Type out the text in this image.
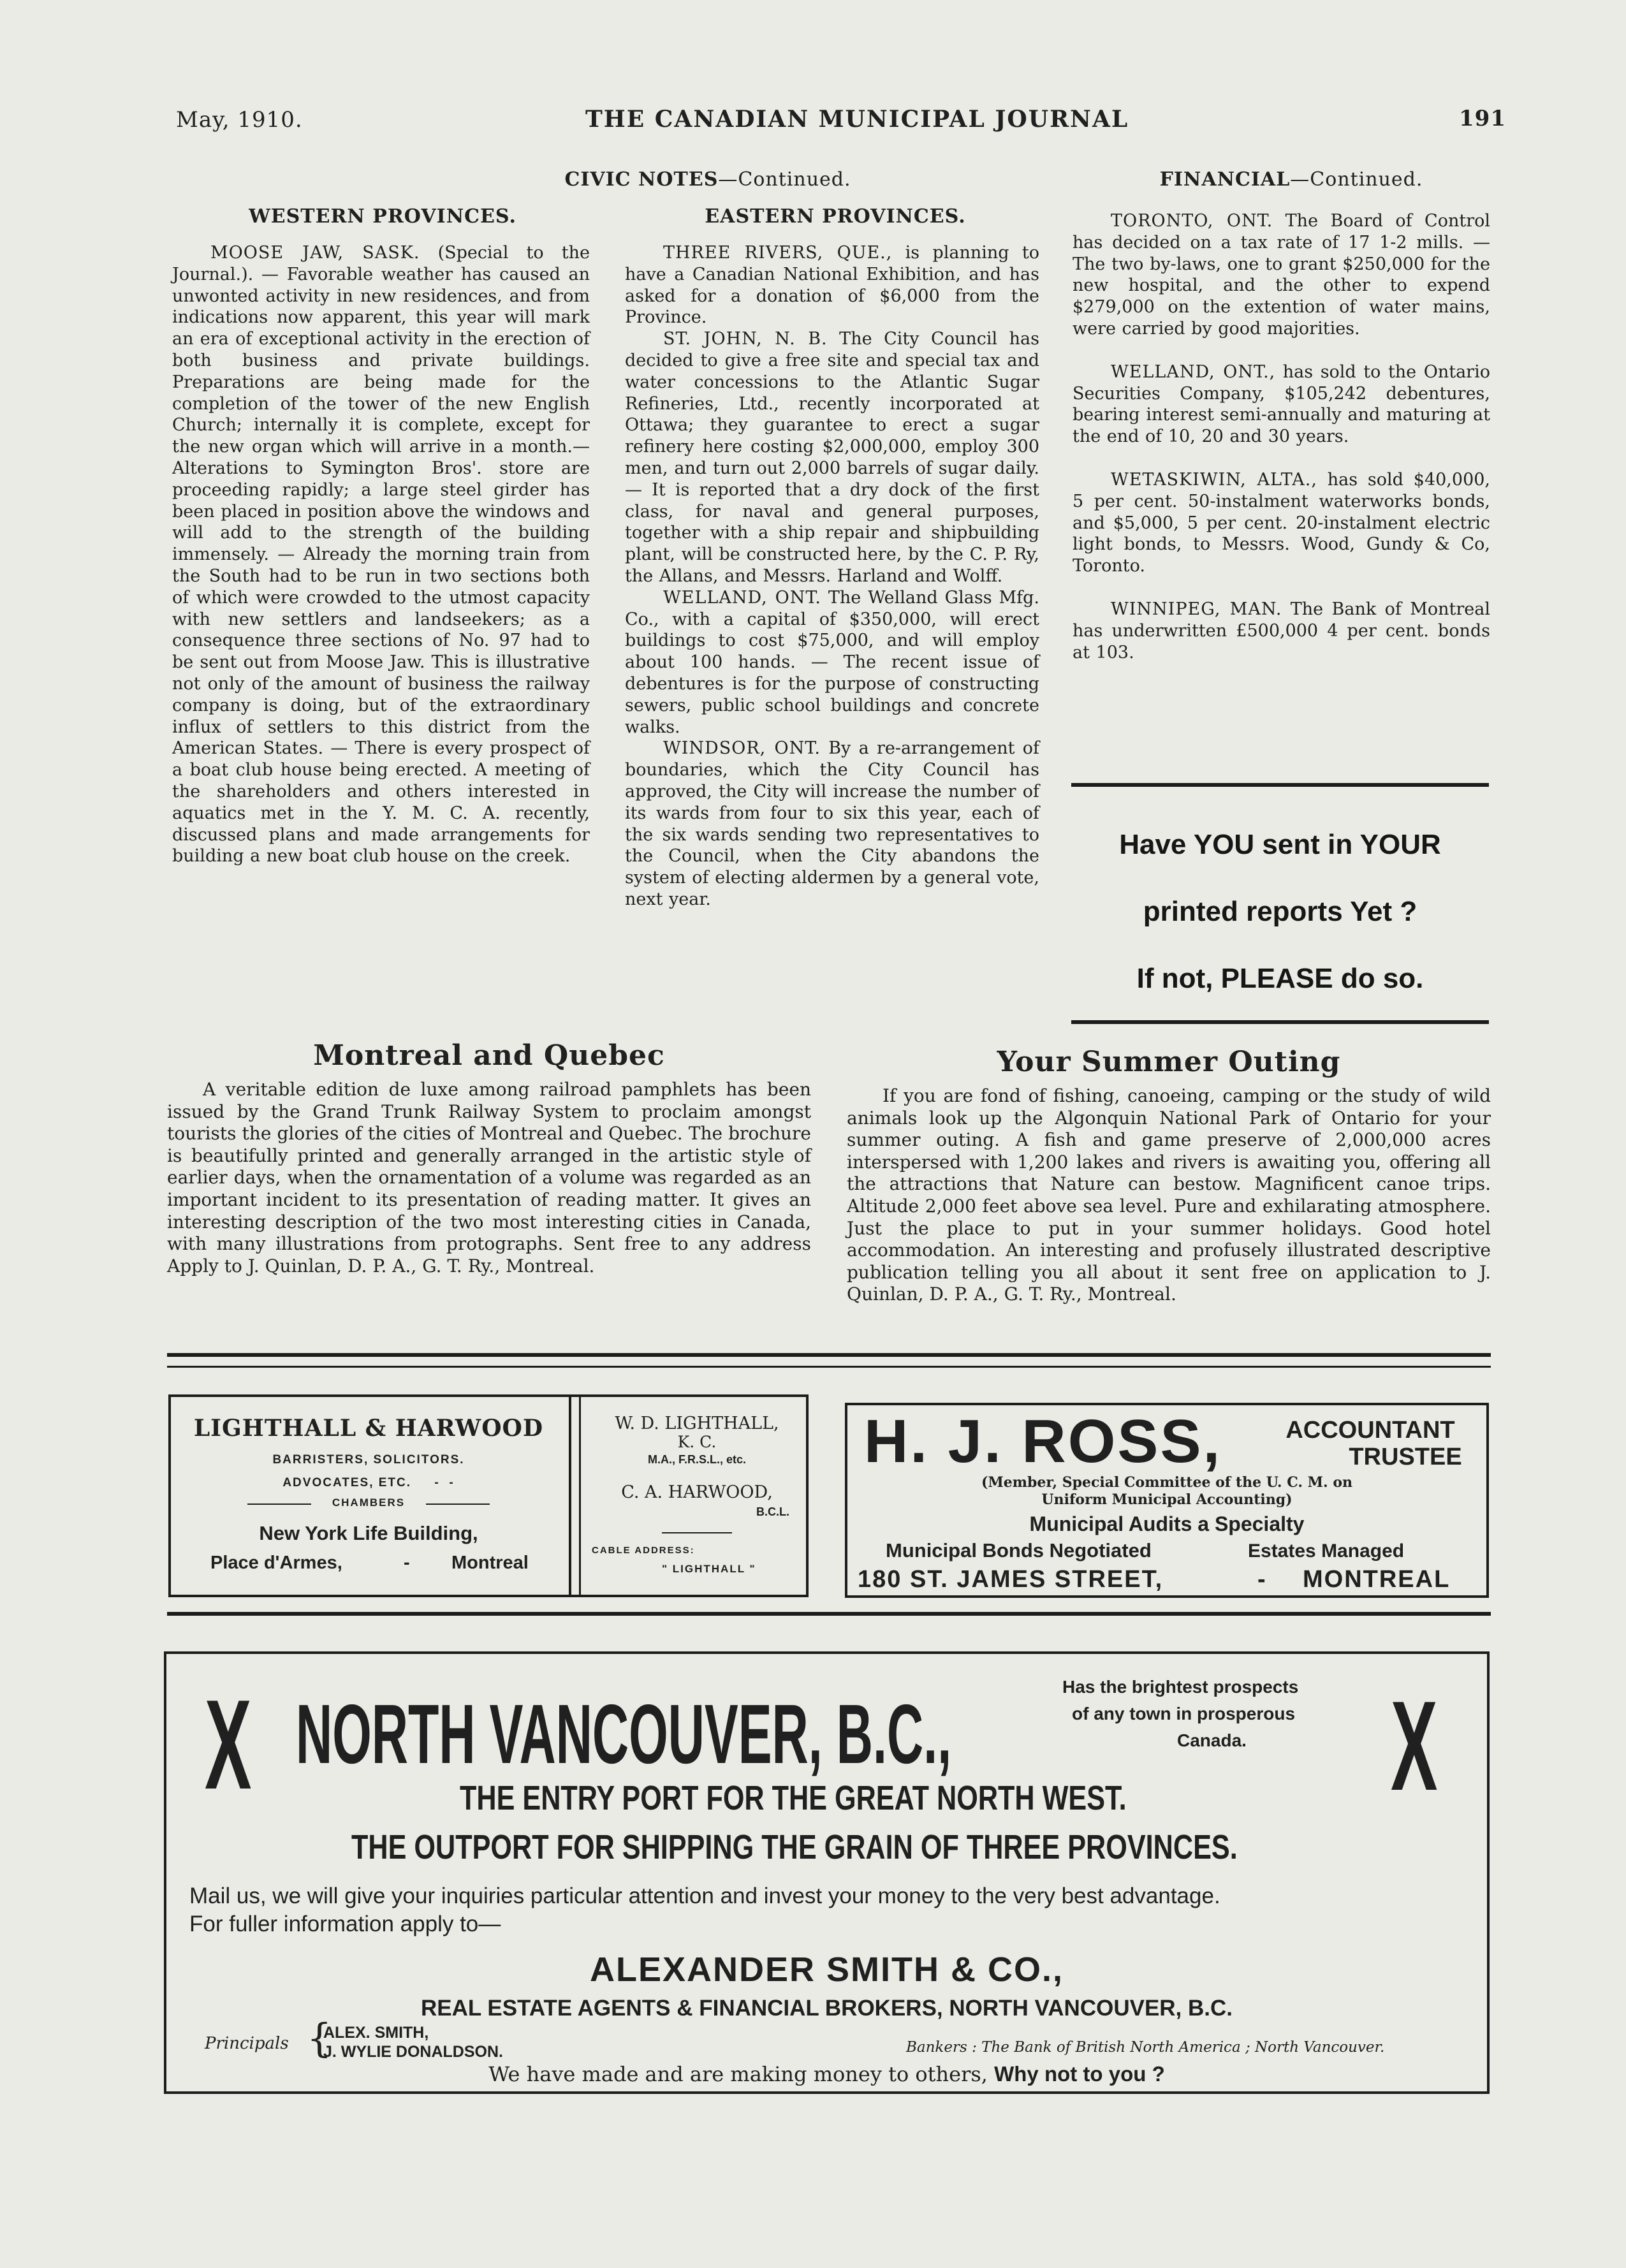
May, 1910.	THE CANADIAN MUNICIPAL JOURNAL	191
CIVIC NOTES—Continued.	FINANCIAL—Continued.
WESTERN PROVINCES.	EASTERN PROVINCES.

MOOSE JAW, SASK. (Special to the Journal.). — Favorable weather has caused an unwonted activity in new residences, and from indications now apparent, this year will mark an era of exceptional activity in the erection of both business and private buildings. Preparations are being made for the completion of the tower of the new English Church; internally it is complete, except for the new organ which will arrive in a month.—Alterations to Symington Bros'. store are proceeding rapidly; a large steel girder has been placed in position above the windows and will add to the strength of the building immensely. — Already the morning train from the South had to be run in two sections both of which were crowded to the utmost capacity with new settlers and landseekers; as a consequence three sections of No. 97 had to be sent out from Moose Jaw. This is illustrative not only of the amount of business the railway company is doing, but of the extraordinary influx of settlers to this district from the American States. — There is every prospect of a boat club house being erected. A meeting of the shareholders and others interested in aquatics met in the Y. M. C. A. recently, discussed plans and made arrangements for building a new boat club house on the creek.

THREE RIVERS, QUE., is planning to have a Canadian National Exhibition, and has asked for a donation of $6,000 from the Province.

ST. JOHN, N. B. The City Council has decided to give a free site and special tax and water concessions to the Atlantic Sugar Refineries, Ltd., recently incorporated at Ottawa; they guarantee to erect a sugar refinery here costing $2,000,000, employ 300 men, and turn out 2,000 barrels of sugar daily.— It is reported that a dry dock of the first class, for naval and general purposes, together with a ship repair and shipbuilding plant, will be constructed here, by the C. P. Ry, the Allans, and Messrs. Harland and Wolff.

WELLAND, ONT. The Welland Glass Mfg. Co., with a capital of $350,000, will erect buildings to cost $75,000, and will employ about 100 hands. — The recent issue of debentures is for the purpose of constructing sewers, public school buildings and concrete walks.

WINDSOR, ONT. By a re-arrangement of boundaries, which the City Council has approved, the City will increase the number of its wards from four to six this year, each of the six wards sending two representatives to the Council, when the City abandons the system of electing aldermen by a general vote, next year.

TORONTO, ONT. The Board of Control has decided on a tax rate of 17 1-2 mills. — The two by-laws, one to grant $250,000 for the new hospital, and the other to expend $279,000 on the extention of water mains, were carried by good majorities.

WELLAND, ONT., has sold to the Ontario Securities Company, $105,242 debentures, bearing interest semi-annually and maturing at the end of 10, 20 and 30 years.

WETASKIWIN, ALTA., has sold $40,000, 5 per cent. 50-instalment waterworks bonds, and $5,000, 5 per cent. 20-instalment electric light bonds, to Messrs. Wood, Gundy & Co, Toronto.

WINNIPEG, MAN. The Bank of Montreal has underwritten £500,000 4 per cent. bonds at 103.

Have YOU sent in YOUR
printed reports Yet ?
If not, PLEASE do so.
Montreal and Quebec

A veritable edition de luxe among railroad pamphlets has been issued by the Grand Trunk Railway System to proclaim amongst tourists the glories of the cities of Montreal and Quebec. The brochure is beautifully printed and generally arranged in the artistic style of earlier days, when the ornamentation of a volume was regarded as an important incident to its presentation of reading matter. It gives an interesting description of the two most interesting cities in Canada, with many illustrations from protographs. Sent free to any address Apply to J. Quinlan, D. P. A., G. T. Ry., Montreal.

Your Summer Outing

If you are fond of fishing, canoeing, camping or the study of wild animals look up the Algonquin National Park of Ontario for your summer outing. A fish and game preserve of 2,000,000 acres interspersed with 1,200 lakes and rivers is awaiting you, offering all the attractions that Nature can bestow. Magnificent canoe trips. Altitude 2,000 feet above sea level. Pure and exhilarating atmosphere. Just the place to put in your summer holidays. Good hotel accommodation. An interesting and profusely illustrated descriptive publication telling you all about it sent free on application to J. Quinlan, D. P. A., G. T. Ry., Montreal.

LIGHTHALL & HARWOOD
BARRISTERS, SOLICITORS.
ADVOCATES, ETC.     -  -
CHAMBERS
New York Life Building,
Place d'Armes,	- Montreal
W. D. LIGHTHALL,
K. C.
M.A., F.R.S.L., etc.
C. A. HARWOOD,
B.C.L.
CABLE ADDRESS:
" LIGHTHALL "
H. J. ROSS,	ACCOUNTANT
TRUSTEE
(Member, Special Committee of the U. C. M. on
Uniform Municipal Accounting)
Municipal Audits a Specialty
Municipal Bonds Negotiated	Estates Managed
180 ST. JAMES STREET,	- MONTREAL
X	X
NORTH VANCOUVER, B.C.,
Has the brightest prospects
of any town in prosperous
Canada.
THE ENTRY PORT FOR THE GREAT NORTH WEST.
THE OUTPORT FOR SHIPPING THE GRAIN OF THREE PROVINCES.
Mail us, we will give your inquiries particular attention and invest your money to the very best advantage.
For fuller information apply to—
ALEXANDER SMITH & CO.,
REAL ESTATE AGENTS & FINANCIAL BROKERS, NORTH VANCOUVER, B.C.
Principals {
ALEX. SMITH,
J. WYLIE DONALDSON.	Bankers : The Bank of British North America ; North Vancouver.
We have made and are making money to others, Why not to you ?
